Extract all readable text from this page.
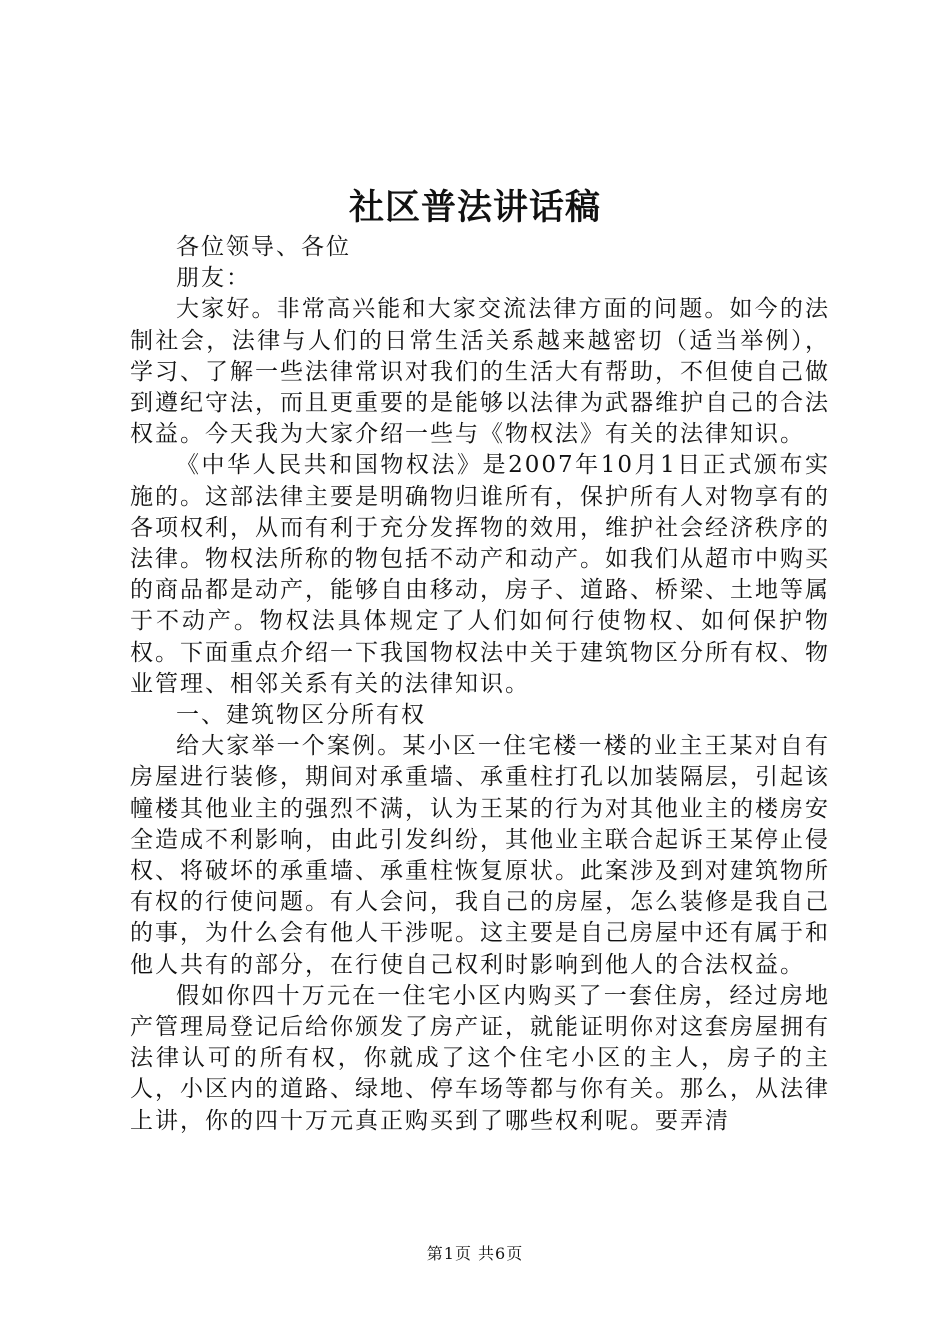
社区普法讲话稿

各位领导、各位

朋友：

大家好。非常高兴能和大家交流法律方面的问题。如今的法制社会，法律与人们的日常生活关系越来越密切（适当举例），学习、了解一些法律常识对我们的生活大有帮助，不但使自己做到遵纪守法，而且更重要的是能够以法律为武器维护自己的合法权益。今天我为大家介绍一些与《物权法》有关的法律知识。

《中华人民共和国物权法》是2007年10月1日正式颁布实施的。这部法律主要是明确物归谁所有，保护所有人对物享有的各项权利，从而有利于充分发挥物的效用，维护社会经济秩序的法律。物权法所称的物包括不动产和动产。如我们从超市中购买的商品都是动产，能够自由移动，房子、道路、桥梁、土地等属于不动产。物权法具体规定了人们如何行使物权、如何保护物权。下面重点介绍一下我国物权法中关于建筑物区分所有权、物业管理、相邻关系有关的法律知识。

一、建筑物区分所有权

给大家举一个案例。某小区一住宅楼一楼的业主王某对自有房屋进行装修，期间对承重墙、承重柱打孔以加装隔层，引起该幢楼其他业主的强烈不满，认为王某的行为对其他业主的楼房安全造成不利影响，由此引发纠纷，其他业主联合起诉王某停止侵权、将破坏的承重墙、承重柱恢复原状。此案涉及到对建筑物所有权的行使问题。有人会问，我自己的房屋，怎么装修是我自己的事，为什么会有他人干涉呢。这主要是自己房屋中还有属于和他人共有的部分，在行使自己权利时影响到他人的合法权益。

假如你四十万元在一住宅小区内购买了一套住房，经过房地产管理局登记后给你颁发了房产证，就能证明你对这套房屋拥有法律认可的所有权，你就成了这个住宅小区的主人，房子的主人，小区内的道路、绿地、停车场等都与你有关。那么，从法律上讲，你的四十万元真正购买到了哪些权利呢。要弄清

第1页 共6页
